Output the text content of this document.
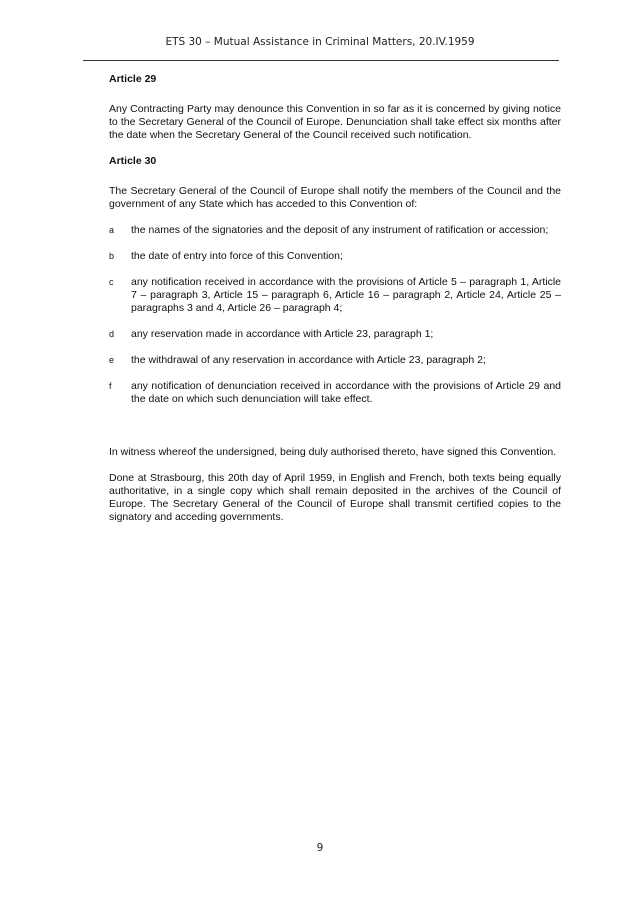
ETS 30 – Mutual Assistance in Criminal Matters, 20.IV.1959

Article 29

Any Contracting Party may denounce this Convention in so far as it is concerned by giving notice to the Secretary General of the Council of Europe. Denunciation shall take effect six months after the date when the Secretary General of the Council received such notification.

Article 30

The Secretary General of the Council of Europe shall notify the members of the Council and the government of any State which has acceded to this Convention of:

a	the names of the signatories and the deposit of any instrument of ratification or accession;
b	the date of entry into force of this Convention;
c	any notification received in accordance with the provisions of Article 5 – paragraph 1, Article 7 – paragraph 3, Article 15 – paragraph 6, Article 16 – paragraph 2, Article 24, Article 25 – paragraphs 3 and 4, Article 26 – paragraph 4;
d	any reservation made in accordance with Article 23, paragraph 1;
e	the withdrawal of any reservation in accordance with Article 23, paragraph 2;
f	any notification of denunciation received in accordance with the provisions of Article 29 and the date on which such denunciation will take effect.

In witness whereof the undersigned, being duly authorised thereto, have signed this Convention.

Done at Strasbourg, this 20th day of April 1959, in English and French, both texts being equally authoritative, in a single copy which shall remain deposited in the archives of the Council of Europe. The Secretary General of the Council of Europe shall transmit certified copies to the signatory and acceding governments.

9
